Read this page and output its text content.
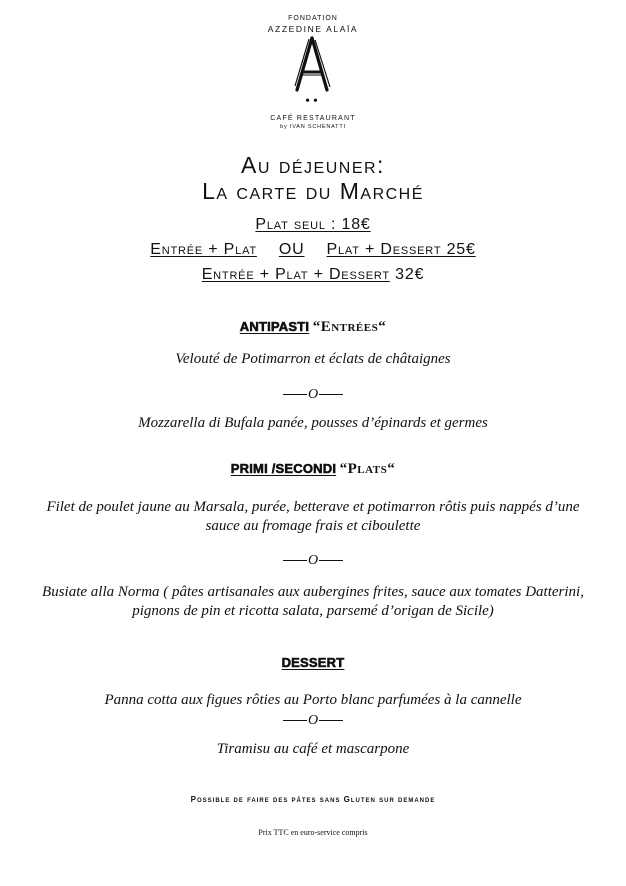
FONDATION
AZZEDINE ALAÏA
••
CAFÉ RESTAURANT
by IVAN SCHENATTI
Au déjeuner:
La carte du Marché
Plat seul : 18€
Entrée + Plat OU Plat + Dessert 25€
Entrée + Plat + Dessert 32€
ANTIPASTI “Entrées“
Velouté de Potimarron et éclats de châtaignes
O
Mozzarella di Bufala panée, pousses d’épinards et germes
PRIMI /SECONDI “Plats“
Filet de poulet jaune au Marsala, purée, betterave et potimarron rôtis puis nappés d’une
sauce au fromage frais et ciboulette
O
Busiate alla Norma ( pâtes artisanales aux aubergines frites, sauce aux tomates Datterini,
pignons de pin et ricotta salata, parsemé d’origan de Sicile)
DESSERT
Panna cotta aux figues rôties au Porto blanc parfumées à la cannelle
O
Tiramisu au café et mascarpone
Possible de faire des pâtes sans Gluten sur demande
Prix TTC en euro-service compris
